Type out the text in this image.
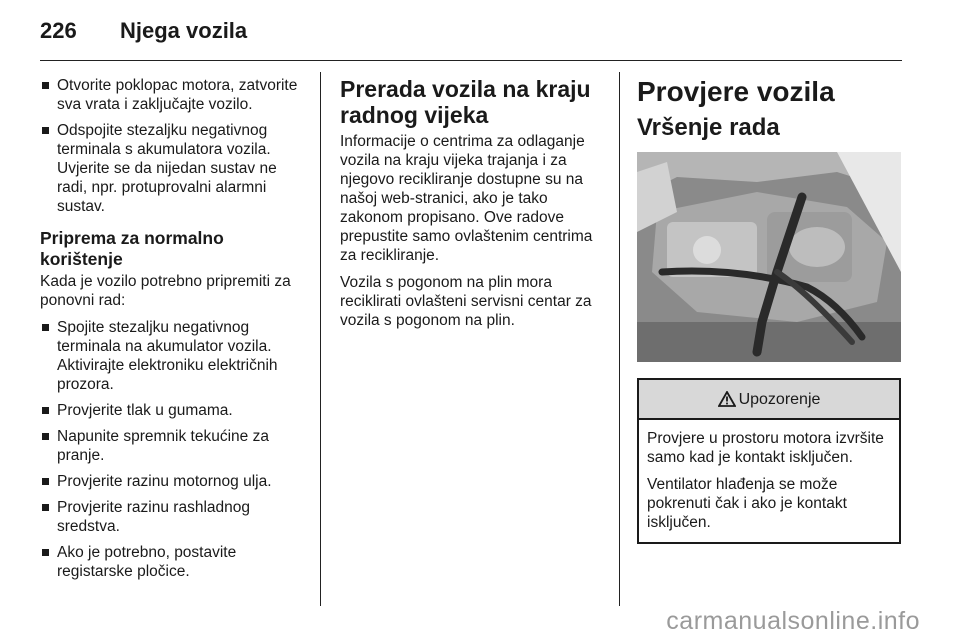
226	Njega vozila
Otvorite poklopac motora, zatvorite sva vrata i zaključajte vozilo.
Odspojite stezaljku negativnog terminala s akumulatora vozila. Uvjerite se da nijedan sustav ne radi, npr. protuprovalni alarmni sustav.
Priprema za normalno korištenje

Kada je vozilo potrebno pripremiti za ponovni rad:

Spojite stezaljku negativnog terminala na akumulator vozila. Aktivirajte elektroniku električnih prozora.
Provjerite tlak u gumama.
Napunite spremnik tekućine za pranje.
Provjerite razinu motornog ulja.
Provjerite razinu rashladnog sredstva.
Ako je potrebno, postavite registarske pločice.
Prerada vozila na kraju radnog vijeka

Informacije o centrima za odlaganje vozila na kraju vijeka trajanja i za njegovo recikliranje dostupne su na našoj web-stranici, ako je tako zakonom propisano. Ove radove prepustite samo ovlaštenim centrima za recikliranje.

Vozila s pogonom na plin mora reciklirati ovlašteni servisni centar za vozila s pogonom na plin.

Provjere vozila
Vršenje rada
Upozorenje

Provjere u prostoru motora izvršite samo kad je kontakt isključen.

Ventilator hlađenja se može pokrenuti čak i ako je kontakt isključen.

carmanualsonline.info
